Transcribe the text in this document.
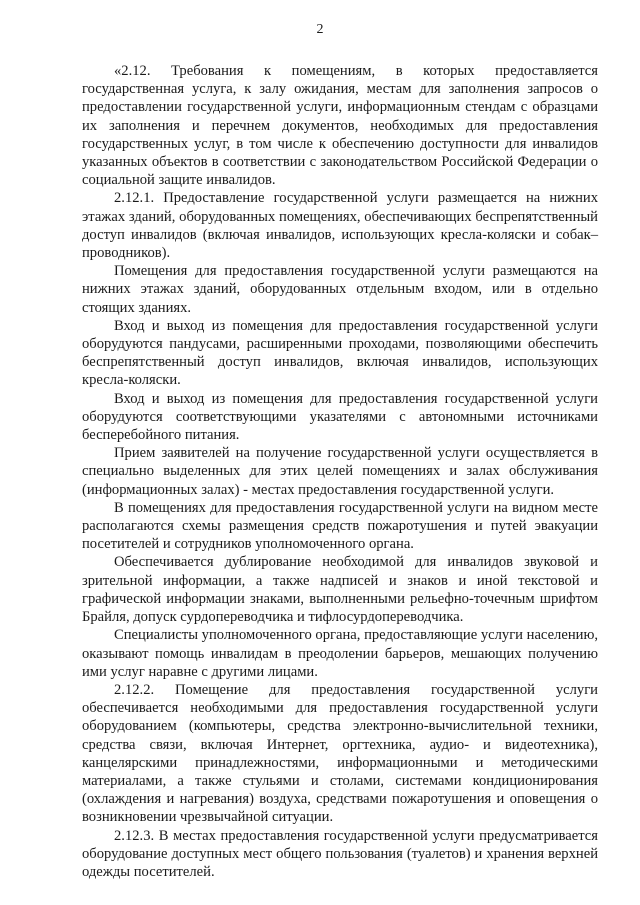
2

«2.12. Требования к помещениям, в которых предоставляется государственная услуга, к залу ожидания, местам для заполнения запросов о предоставлении государственной услуги, информационным стендам с образцами их заполнения и перечнем документов, необходимых для предоставления государственных услуг, в том числе к обеспечению доступности для инвалидов указанных объектов в соответствии с законодательством Российской Федерации о социальной защите инвалидов.

2.12.1. Предоставление государственной услуги размещается на нижних этажах зданий, оборудованных помещениях, обеспечивающих беспрепятственный доступ инвалидов (включая инвалидов, использующих кресла-коляски и собак–проводников).

Помещения для предоставления государственной услуги размещаются на нижних этажах зданий, оборудованных отдельным входом, или в отдельно стоящих зданиях.

Вход и выход из помещения для предоставления государственной услуги оборудуются пандусами, расширенными проходами, позволяющими обеспечить беспрепятственный доступ инвалидов, включая инвалидов, использующих кресла-коляски.

Вход и выход из помещения для предоставления государственной услуги оборудуются соответствующими указателями с автономными источниками бесперебойного питания.

Прием заявителей на получение государственной услуги осуществляется в специально выделенных для этих целей помещениях и залах обслуживания (информационных залах) - местах предоставления государственной услуги.

В помещениях для предоставления государственной услуги на видном месте располагаются схемы размещения средств пожаротушения и путей эвакуации посетителей и сотрудников уполномоченного органа.

Обеспечивается дублирование необходимой для инвалидов звуковой и зрительной информации, а также надписей и знаков и иной текстовой и графической информации знаками, выполненными рельефно-точечным шрифтом Брайля, допуск сурдопереводчика и тифлосурдопереводчика.

Специалисты уполномоченного органа, предоставляющие услуги населению, оказывают помощь инвалидам в преодолении барьеров, мешающих получению ими услуг наравне с другими лицами.

2.12.2. Помещение для предоставления государственной услуги обеспечивается необходимыми для предоставления государственной услуги оборудованием (компьютеры, средства электронно-вычислительной техники, средства связи, включая Интернет, оргтехника, аудио- и видеотехника), канцелярскими принадлежностями, информационными и методическими материалами, а также стульями и столами, системами кондиционирования (охлаждения и нагревания) воздуха, средствами пожаротушения и оповещения о возникновении чрезвычайной ситуации.

2.12.3. В местах предоставления государственной услуги предусматривается оборудование доступных мест общего пользования (туалетов) и хранения верхней одежды посетителей.
